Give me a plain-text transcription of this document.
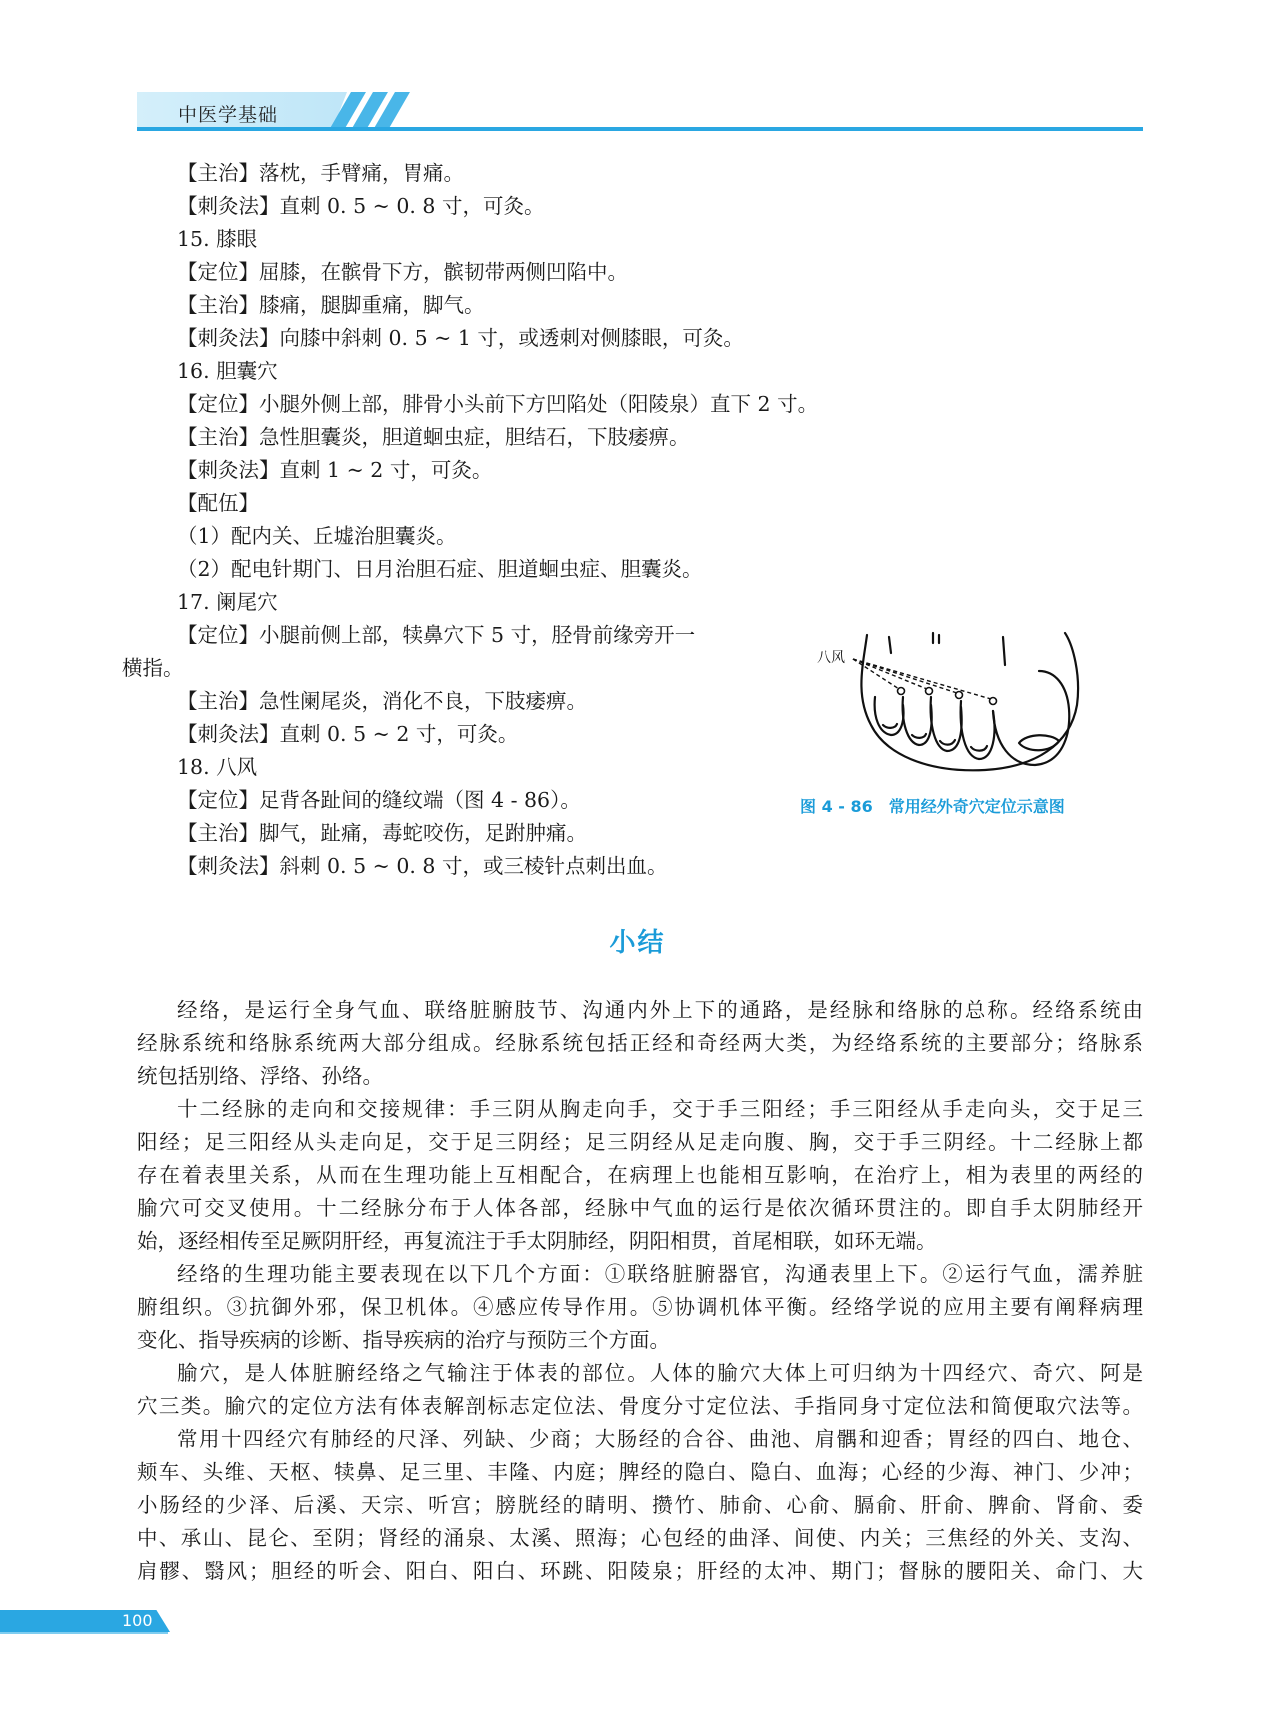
中医学基础
【主治】落枕，手臂痛，胃痛。
【刺灸法】直刺 0. 5 ~ 0. 8 寸，可灸。
15. 膝眼
【定位】屈膝，在髌骨下方，髌韧带两侧凹陷中。
【主治】膝痛，腿脚重痛，脚气。
【刺灸法】向膝中斜刺 0. 5 ~ 1 寸，或透刺对侧膝眼，可灸。
16. 胆囊穴
【定位】小腿外侧上部，腓骨小头前下方凹陷处（阳陵泉）直下 2 寸。
【主治】急性胆囊炎，胆道蛔虫症，胆结石，下肢痿痹。
【刺灸法】直刺 1 ~ 2 寸，可灸。
【配伍】
（1）配内关、丘墟治胆囊炎。
（2）配电针期门、日月治胆石症、胆道蛔虫症、胆囊炎。
17. 阑尾穴
【定位】小腿前侧上部，犊鼻穴下 5 寸，胫骨前缘旁开一
横指。
【主治】急性阑尾炎，消化不良，下肢痿痹。
【刺灸法】直刺 0. 5 ~ 2 寸，可灸。
18. 八风
【定位】足背各趾间的缝纹端（图 4 - 86）。
【主治】脚气，趾痛，毒蛇咬伤，足跗肿痛。
【刺灸法】斜刺 0. 5 ~ 0. 8 寸，或三棱针点刺出血。
八风
图 4 - 86　常用经外奇穴定位示意图
小结
经络，是运行全身气血、联络脏腑肢节、沟通内外上下的通路，是经脉和络脉的总称。经络系统由
经脉系统和络脉系统两大部分组成。经脉系统包括正经和奇经两大类，为经络系统的主要部分；络脉系
统包括别络、浮络、孙络。
十二经脉的走向和交接规律：手三阴从胸走向手，交于手三阳经；手三阳经从手走向头，交于足三
阳经；足三阳经从头走向足，交于足三阴经；足三阴经从足走向腹、胸，交于手三阴经。十二经脉上都
存在着表里关系，从而在生理功能上互相配合，在病理上也能相互影响，在治疗上，相为表里的两经的
腧穴可交叉使用。十二经脉分布于人体各部，经脉中气血的运行是依次循环贯注的。即自手太阴肺经开
始，逐经相传至足厥阴肝经，再复流注于手太阴肺经，阴阳相贯，首尾相联，如环无端。
经络的生理功能主要表现在以下几个方面：①联络脏腑器官，沟通表里上下。②运行气血，濡养脏
腑组织。③抗御外邪，保卫机体。④感应传导作用。⑤协调机体平衡。经络学说的应用主要有阐释病理
变化、指导疾病的诊断、指导疾病的治疗与预防三个方面。
腧穴，是人体脏腑经络之气输注于体表的部位。人体的腧穴大体上可归纳为十四经穴、奇穴、阿是
穴三类。腧穴的定位方法有体表解剖标志定位法、骨度分寸定位法、手指同身寸定位法和简便取穴法等。
常用十四经穴有肺经的尺泽、列缺、少商；大肠经的合谷、曲池、肩髃和迎香；胃经的四白、地仓、
颊车、头维、天枢、犊鼻、足三里、丰隆、内庭；脾经的隐白、隐白、血海；心经的少海、神门、少冲；
小肠经的少泽、后溪、天宗、听宫；膀胱经的睛明、攒竹、肺俞、心俞、膈俞、肝俞、脾俞、肾俞、委
中、承山、昆仑、至阴；肾经的涌泉、太溪、照海；心包经的曲泽、间使、内关；三焦经的外关、支沟、
肩髎、翳风；胆经的听会、阳白、阳白、环跳、阳陵泉；肝经的太冲、期门；督脉的腰阳关、命门、大
100
